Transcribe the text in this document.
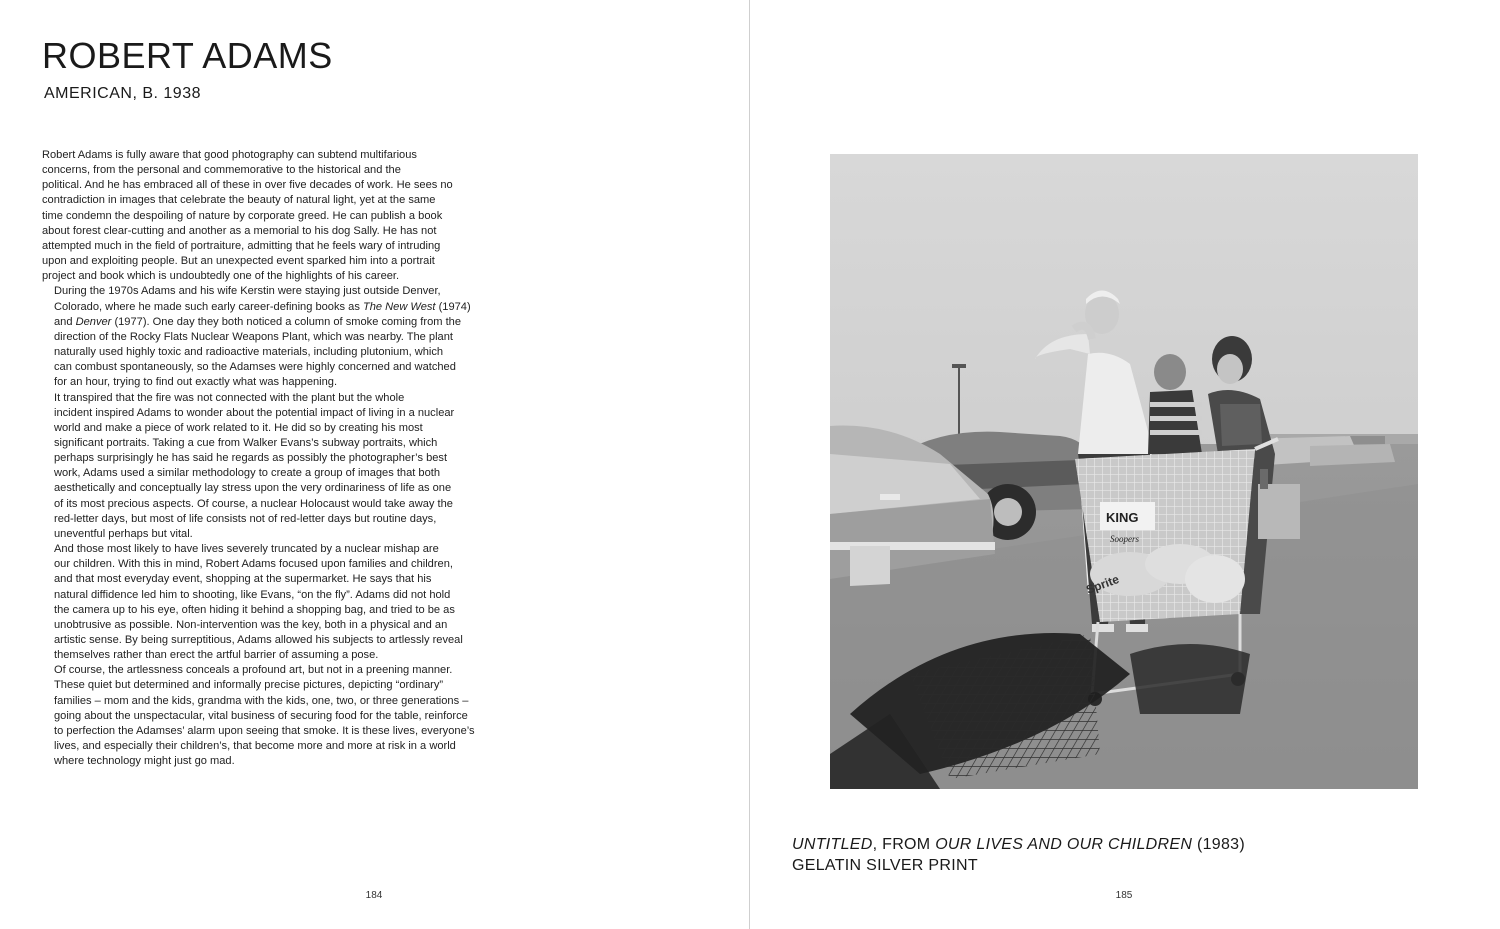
ROBERT ADAMS
AMERICAN, B. 1938

Robert Adams is fully aware that good photography can subtend multifarious
concerns, from the personal and commemorative to the historical and the
political. And he has embraced all of these in over five decades of work. He sees no
contradiction in images that celebrate the beauty of natural light, yet at the same
time condemn the despoiling of nature by corporate greed. He can publish a book
about forest clear-cutting and another as a memorial to his dog Sally. He has not
attempted much in the field of portraiture, admitting that he feels wary of intruding
upon and exploiting people. But an unexpected event sparked him into a portrait
project and book which is undoubtedly one of the highlights of his career.

During the 1970s Adams and his wife Kerstin were staying just outside Denver,
Colorado, where he made such early career-defining books as The New West (1974)
and Denver (1977). One day they both noticed a column of smoke coming from the
direction of the Rocky Flats Nuclear Weapons Plant, which was nearby. The plant
naturally used highly toxic and radioactive materials, including plutonium, which
can combust spontaneously, so the Adamses were highly concerned and watched
for an hour, trying to find out exactly what was happening.

It transpired that the fire was not connected with the plant but the whole
incident inspired Adams to wonder about the potential impact of living in a nuclear
world and make a piece of work related to it. He did so by creating his most
significant portraits. Taking a cue from Walker Evans’s subway portraits, which
perhaps surprisingly he has said he regards as possibly the photographer’s best
work, Adams used a similar methodology to create a group of images that both
aesthetically and conceptually lay stress upon the very ordinariness of life as one
of its most precious aspects. Of course, a nuclear Holocaust would take away the
red-letter days, but most of life consists not of red-letter days but routine days,
uneventful perhaps but vital.

And those most likely to have lives severely truncated by a nuclear mishap are
our children. With this in mind, Robert Adams focused upon families and children,
and that most everyday event, shopping at the supermarket. He says that his
natural diffidence led him to shooting, like Evans, “on the fly”. Adams did not hold
the camera up to his eye, often hiding it behind a shopping bag, and tried to be as
unobtrusive as possible. Non-intervention was the key, both in a physical and an
artistic sense. By being surreptitious, Adams allowed his subjects to artlessly reveal
themselves rather than erect the artful barrier of assuming a pose.

Of course, the artlessness conceals a profound art, but not in a preening manner.
These quiet but determined and informally precise pictures, depicting “ordinary”
families – mom and the kids, grandma with the kids, one, two, or three generations –
going about the unspectacular, vital business of securing food for the table, reinforce
to perfection the Adamses’ alarm upon seeing that smoke. It is these lives, everyone’s
lives, and especially their children’s, that become more and more at risk in a world
where technology might just go mad.

184
KING
Soopers
Sprite
UNTITLED, FROM OUR LIVES AND OUR CHILDREN (1983)
GELATIN SILVER PRINT
185
